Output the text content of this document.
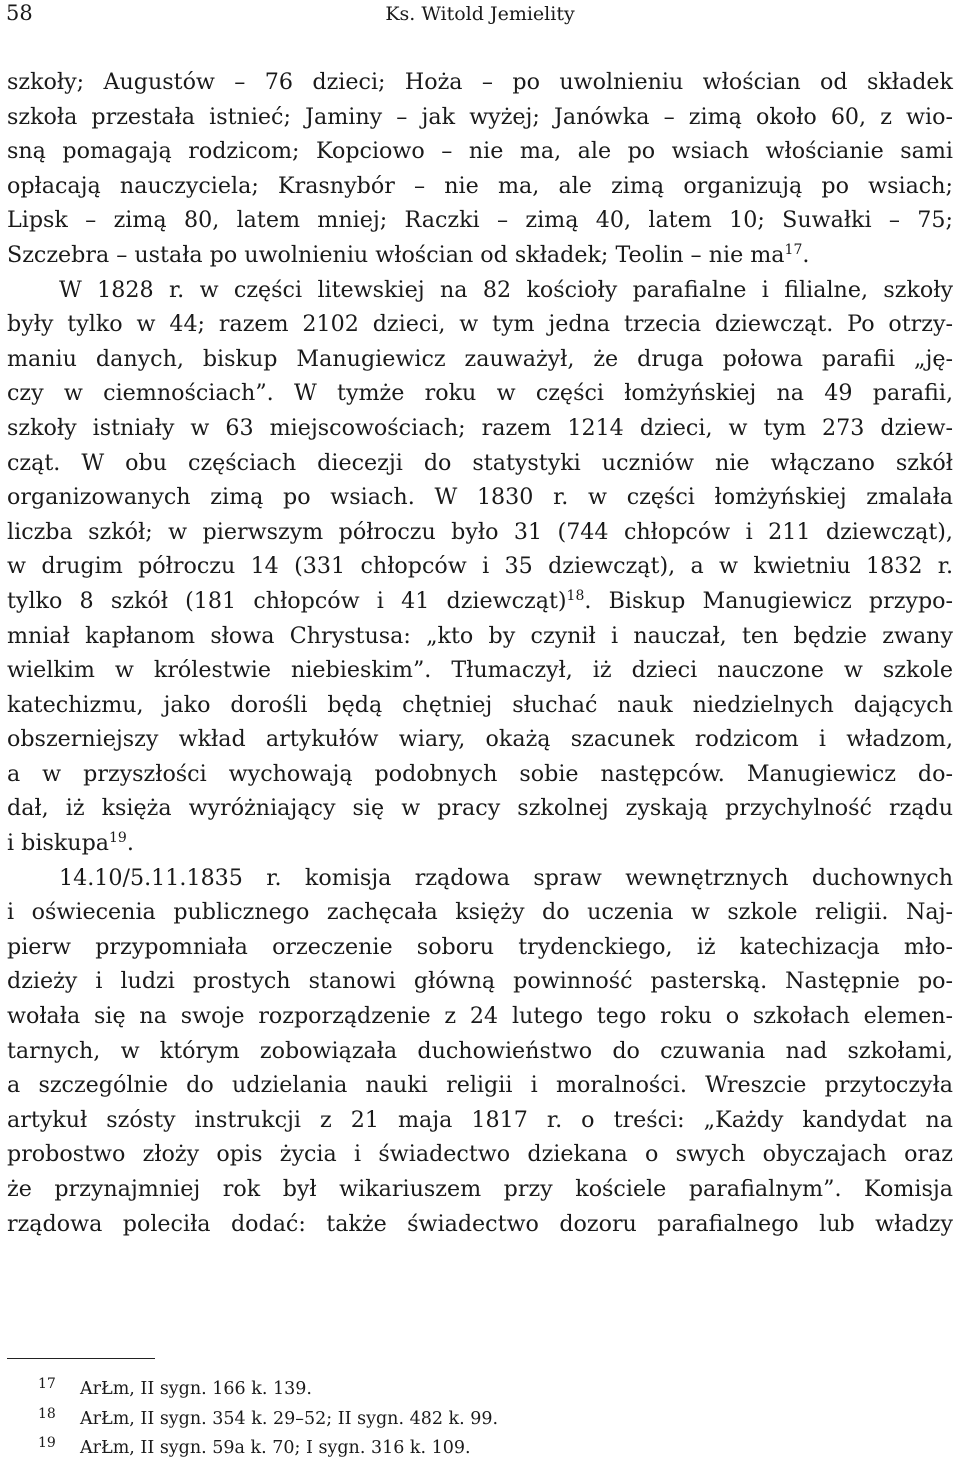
58	Ks. Witold Jemielity
szkoły; Augustów – 76 dzieci; Hoża – po uwolnieniu włościan od składek
szkoła przestała istnieć; Jaminy – jak wyżej; Janówka – zimą około 60, z wio-
sną pomagają rodzicom; Kopciowo – nie ma, ale po wsiach włościanie sami
opłacają nauczyciela; Krasnybór – nie ma, ale zimą organizują po wsiach;
Lipsk – zimą 80, latem mniej; Raczki – zimą 40, latem 10; Suwałki – 75;
Szczebra – ustała po uwolnieniu włościan od składek; Teolin – nie $ma^{17}$.
W 1828 r. w części litewskiej na 82 kościoły parafialne i filialne, szkoły
były tylko w 44; razem 2102 dzieci, w tym jedna trzecia dziewcząt. Po otrzy-
maniu danych, biskup Manugiewicz zauważył, że druga połowa parafii „ję-
czy w ciemnościach”. W tymże roku w części łomżyńskiej na 49 parafii,
szkoły istniały w 63 miejscowościach; razem 1214 dzieci, w tym 273 dziew-
cząt. W obu częściach diecezji do statystyki uczniów nie włączano szkół
organizowanych zimą po wsiach. W 1830 r. w części łomżyńskiej zmalała
liczba szkół; w pierwszym półroczu było 31 (744 chłopców i 211 dziewcząt),
w drugim półroczu 14 (331 chłopców i 35 dziewcząt), a w kwietniu 1832 r.
tylko 8 szkół (181 chłopców i 41 dziewcząt)$^{18}$. Biskup Manugiewicz przypo-
mniał kapłanom słowa Chrystusa: „kto by czynił i nauczał, ten będzie zwany
wielkim w królestwie niebieskim”. Tłumaczył, iż dzieci nauczone w szkole
katechizmu, jako dorośli będą chętniej słuchać nauk niedzielnych dających
obszerniejszy wkład artykułów wiary, okażą szacunek rodzicom i władzom,
a w przyszłości wychowają podobnych sobie następców. Manugiewicz do-
dał, iż księża wyróżniający się w pracy szkolnej zyskają przychylność rządu
i biskupa$^{19}$.
14.10/5.11.1835 r. komisja rządowa spraw wewnętrznych duchownych
i oświecenia publicznego zachęcała księży do uczenia w szkole religii. Naj-
pierw przypomniała orzeczenie soboru trydenckiego, iż katechizacja mło-
dzieży i ludzi prostych stanowi główną powinność pasterską. Następnie po-
wołała się na swoje rozporządzenie z 24 lutego tego roku o szkołach elemen-
tarnych, w którym zobowiązała duchowieństwo do czuwania nad szkołami,
a szczególnie do udzielania nauki religii i moralności. Wreszcie przytoczyła
artykuł szósty instrukcji z 21 maja 1817 r. o treści: „Każdy kandydat na
probostwo złoży opis życia i świadectwo dziekana o swych obyczajach oraz
że przynajmniej rok był wikariuszem przy kościele parafialnym”. Komisja
rządowa poleciła dodać: także świadectwo dozoru parafialnego lub władzy
17 ArŁm, II sygn. 166 k. 139.
18 ArŁm, II sygn. 354 k. 29–52; II sygn. 482 k. 99.
19 ArŁm, II sygn. 59a k. 70; I sygn. 316 k. 109.
